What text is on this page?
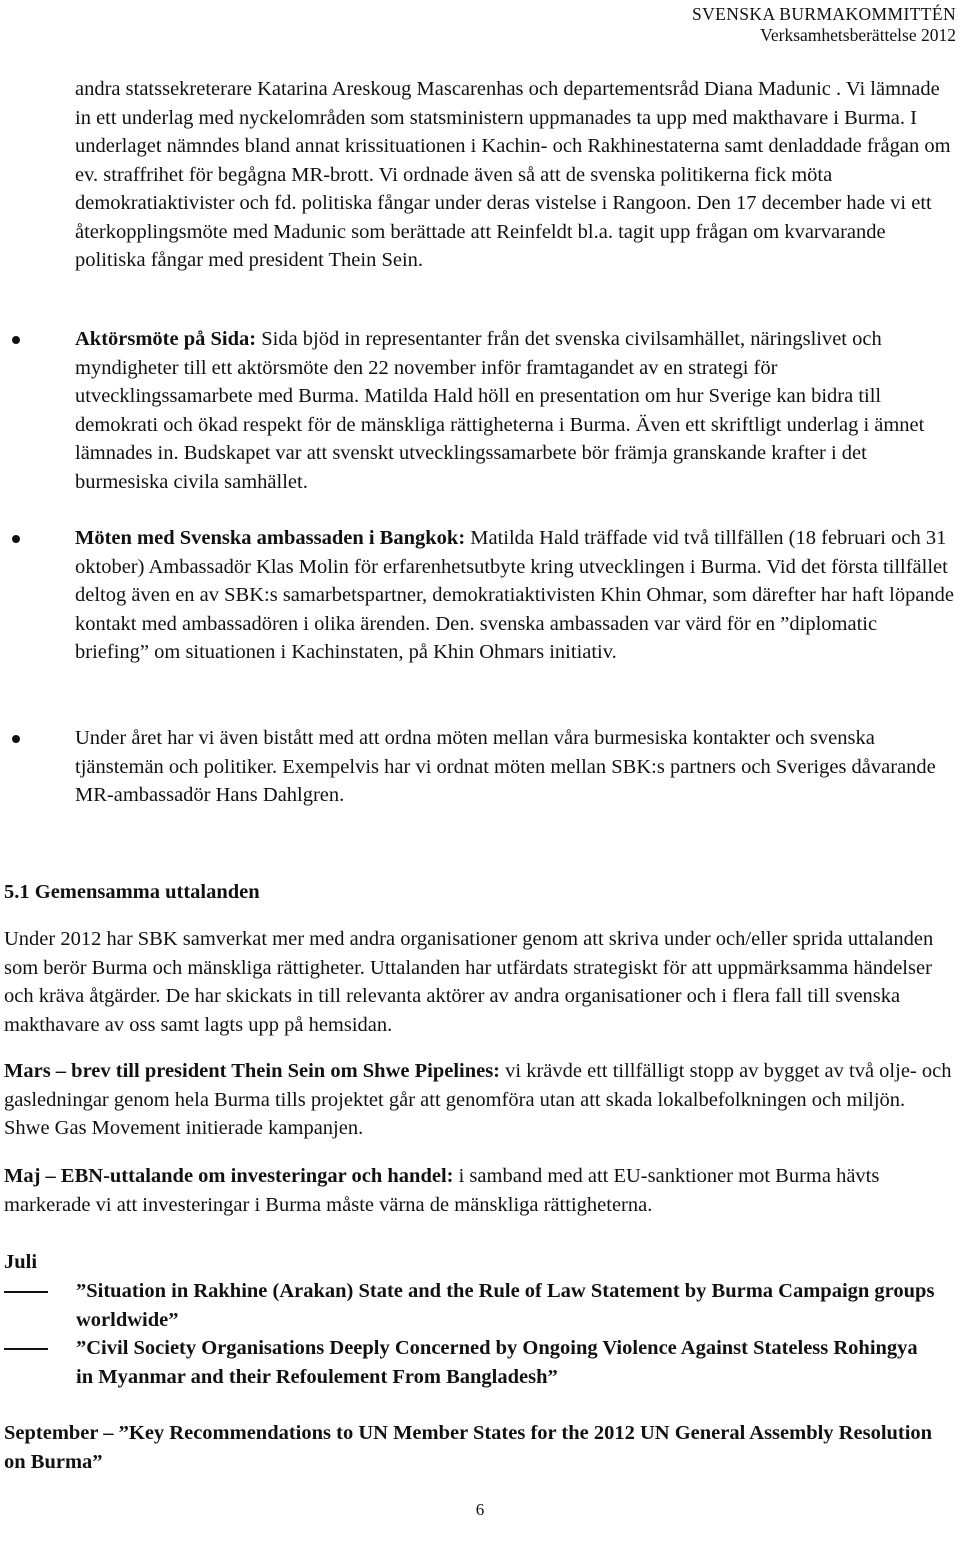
SVENSKA BURMAKOMMITTÉN
Verksamhetsberättelse 2012

andra statssekreterare Katarina Areskoug Mascarenhas och departementsråd Diana Madunic . Vi lämnade in ett underlag med nyckelområden som statsministern uppmanades ta upp med makthavare i Burma. I underlaget nämndes bland annat krissituationen i Kachin- och Rakhinestaterna samt denladdade frågan om ev. straffrihet för begågna MR-brott. Vi ordnade även så att de svenska politikerna fick möta demokratiaktivister och fd. politiska fångar under deras vistelse i Rangoon. Den 17 december hade vi ett återkopplingsmöte med Madunic som berättade att Reinfeldt bl.a. tagit upp frågan om kvarvarande politiska fångar med president Thein Sein.

Aktörsmöte på Sida: Sida bjöd in representanter från det svenska civilsamhället, näringslivet och myndigheter till ett aktörsmöte den 22 november inför framtagandet av en strategi för utvecklingssamarbete med Burma. Matilda Hald höll en presentation om hur Sverige kan bidra till demokrati och ökad respekt för de mänskliga rättigheterna i Burma. Även ett skriftligt underlag i ämnet lämnades in. Budskapet var att svenskt utvecklingssamarbete bör främja granskande krafter i det burmesiska civila samhället.

Möten med Svenska ambassaden i Bangkok: Matilda Hald träffade vid två tillfällen (18 februari och 31 oktober) Ambassadör Klas Molin för erfarenhetsutbyte kring utvecklingen i Burma. Vid det första tillfället deltog även en av SBK:s samarbetspartner, demokratiaktivisten Khin Ohmar, som därefter har haft löpande kontakt med ambassadören i olika ärenden. Den. svenska ambassaden var värd för en ”diplomatic briefing” om situationen i Kachinstaten, på Khin Ohmars initiativ.

Under året har vi även bistått med att ordna möten mellan våra burmesiska kontakter och svenska tjänstemän och politiker. Exempelvis har vi ordnat möten mellan SBK:s partners och Sveriges dåvarande MR-ambassadör Hans Dahlgren.

5.1 Gemensamma uttalanden

Under 2012 har SBK samverkat mer med andra organisationer genom att skriva under och/eller sprida uttalanden som berör Burma och mänskliga rättigheter. Uttalanden har utfärdats strategiskt för att uppmärksamma händelser och kräva åtgärder. De har skickats in till relevanta aktörer av andra organisationer och i flera fall till svenska makthavare av oss samt lagts upp på hemsidan.

Mars – brev till president Thein Sein om Shwe Pipelines: vi krävde ett tillfälligt stopp av bygget av två olje- och gasledningar genom hela Burma tills projektet går att genomföra utan att skada lokalbefolkningen och miljön. Shwe Gas Movement initierade kampanjen.

Maj – EBN-uttalande om investeringar och handel: i samband med att EU-sanktioner mot Burma hävts markerade vi att investeringar i Burma måste värna de mänskliga rättigheterna.

Juli

”Situation in Rakhine (Arakan) State and the Rule of Law Statement by Burma Campaign groups worldwide”

”Civil Society Organisations Deeply Concerned by Ongoing Violence Against Stateless Rohingya in Myanmar and their Refoulement From Bangladesh”

September – ”Key Recommendations to UN Member States for the 2012 UN General Assembly Resolution on Burma”

6
